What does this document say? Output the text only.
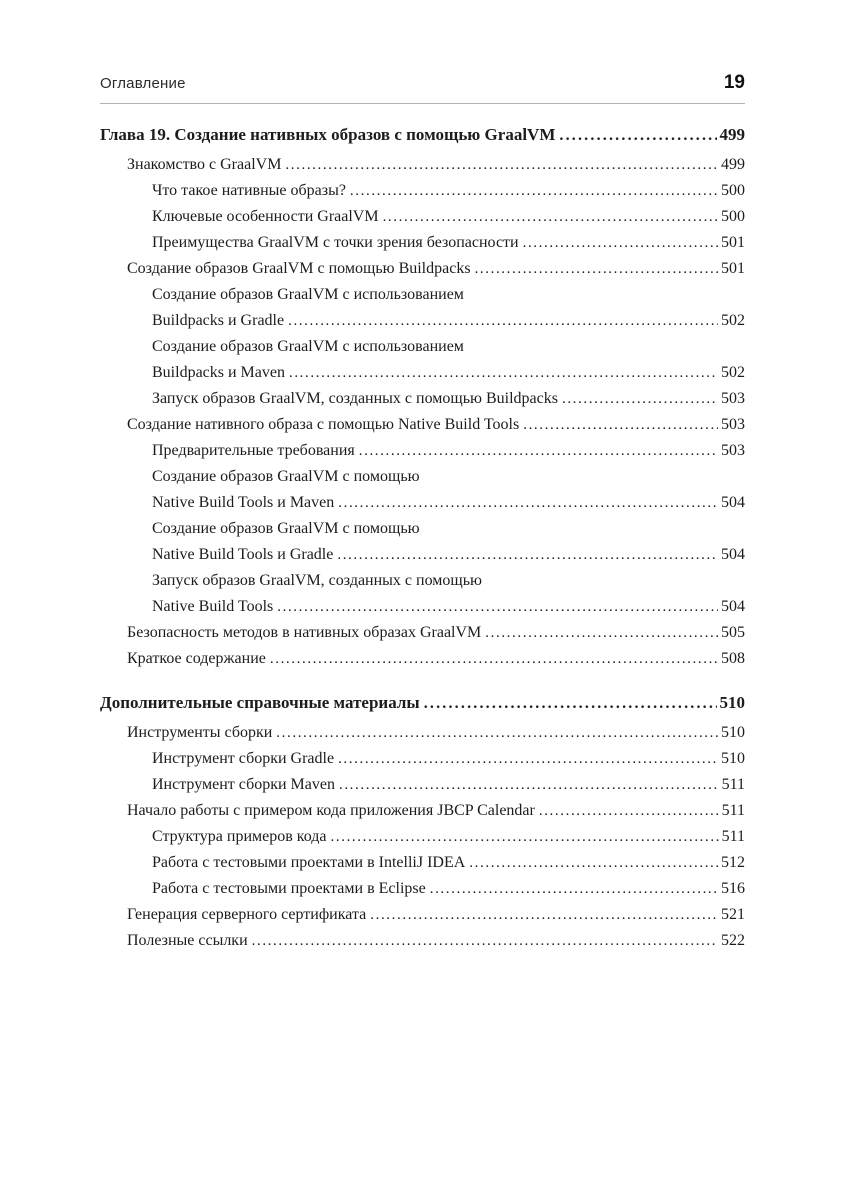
Оглавление	19
Глава 19. Создание нативных образов с помощью GraalVM .....	499
Знакомство с GraalVM .....	499
Что такое нативные образы? .....	500
Ключевые особенности GraalVM .....	500
Преимущества GraalVM с точки зрения безопасности .....	501
Создание образов GraalVM с помощью Buildpacks .....	501
Создание образов GraalVM с использованием
Buildpacks и Gradle .....	502
Создание образов GraalVM с использованием
Buildpacks и Maven .....	502
Запуск образов GraalVM, созданных с помощью Buildpacks .....	503
Создание нативного образа с помощью Native Build Tools .....	503
Предварительные требования .....	503
Создание образов GraalVM с помощью
Native Build Tools и Maven .....	504
Создание образов GraalVM с помощью
Native Build Tools и Gradle .....	504
Запуск образов GraalVM, созданных с помощью
Native Build Tools .....	504
Безопасность методов в нативных образах GraalVM .....	505
Краткое содержание .....	508
Дополнительные справочные материалы .....	510
Инструменты сборки .....	510
Инструмент сборки Gradle .....	510
Инструмент сборки Maven .....	511
Начало работы с примером кода приложения JBCP Calendar .....	511
Структура примеров кода .....	511
Работа с тестовыми проектами в IntelliJ IDEA .....	512
Работа с тестовыми проектами в Eclipse .....	516
Генерация серверного сертификата .....	521
Полезные ссылки .....	522
